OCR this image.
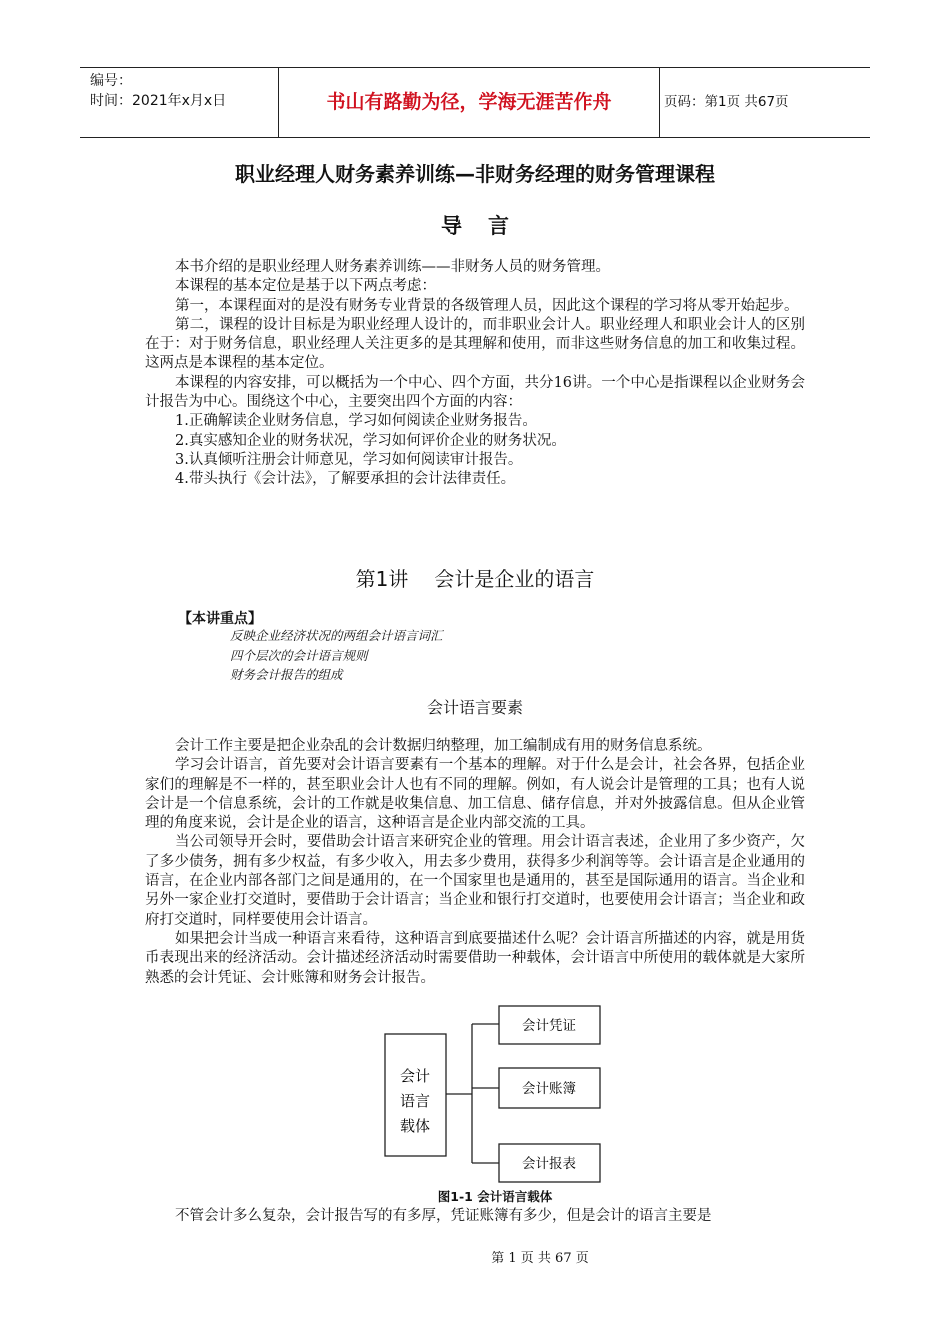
编号：
时间：2021年x月x日	书山有路勤为径，学海无涯苦作舟	页码：第1页 共67页
职业经理人财务素养训练—非财务经理的财务管理课程
导言

本书介绍的是职业经理人财务素养训练——非财务人员的财务管理。

本课程的基本定位是基于以下两点考虑：

第一，本课程面对的是没有财务专业背景的各级管理人员，因此这个课程的学习将从零开始起步。

第二，课程的设计目标是为职业经理人设计的，而非职业会计人。职业经理人和职业会计人的区别在于：对于财务信息，职业经理人关注更多的是其理解和使用，而非这些财务信息的加工和收集过程。这两点是本课程的基本定位。

本课程的内容安排，可以概括为一个中心、四个方面，共分16讲。一个中心是指课程以企业财务会计报告为中心。围绕这个中心，主要突出四个方面的内容：

1.正确解读企业财务信息，学习如何阅读企业财务报告。

2.真实感知企业的财务状况，学习如何评价企业的财务状况。

3.认真倾听注册会计师意见，学习如何阅读审计报告。

4.带头执行《会计法》，了解要承担的会计法律责任。

第1讲 会计是企业的语言
【本讲重点】
反映企业经济状况的两组会计语言词汇
四个层次的会计语言规则
财务会计报告的组成
会计语言要素

会计工作主要是把企业杂乱的会计数据归纳整理，加工编制成有用的财务信息系统。

学习会计语言，首先要对会计语言要素有一个基本的理解。对于什么是会计，社会各界，包括企业家们的理解是不一样的，甚至职业会计人也有不同的理解。例如，有人说会计是管理的工具；也有人说会计是一个信息系统，会计的工作就是收集信息、加工信息、储存信息，并对外披露信息。但从企业管理的角度来说，会计是企业的语言，这种语言是企业内部交流的工具。

当公司领导开会时，要借助会计语言来研究企业的管理。用会计语言表述，企业用了多少资产，欠了多少债务，拥有多少权益，有多少收入，用去多少费用，获得多少利润等等。会计语言是企业通用的语言，在企业内部各部门之间是通用的，在一个国家里也是通用的，甚至是国际通用的语言。当企业和另外一家企业打交道时，要借助于会计语言；当企业和银行打交道时，也要使用会计语言；当企业和政府打交道时，同样要使用会计语言。

如果把会计当成一种语言来看待，这种语言到底要描述什么呢？会计语言所描述的内容，就是用货币表现出来的经济活动。会计描述经济活动时需要借助一种载体，会计语言中所使用的载体就是大家所熟悉的会计凭证、会计账簿和财务会计报告。

会计
语言
载体
会计凭证
会计账簿
会计报表
图1-1 会计语言载体
不管会计多么复杂，会计报告写的有多厚，凭证账簿有多少，但是会计的语言主要是
第 1 页 共 67 页
